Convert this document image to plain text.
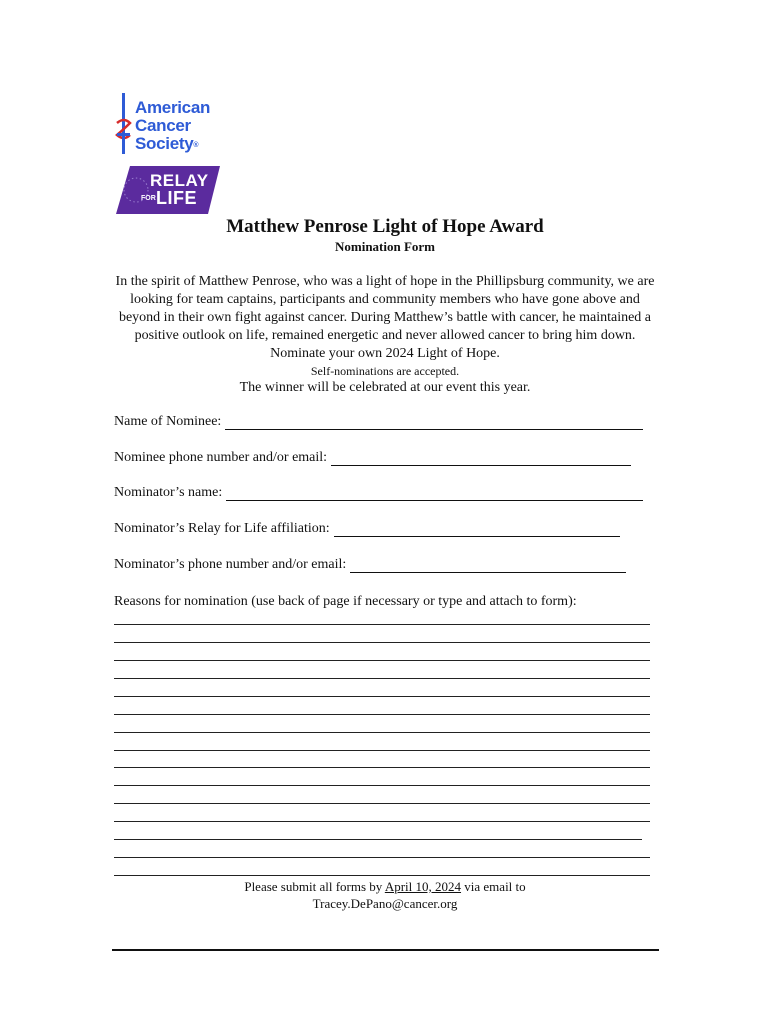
American
Cancer
Society®
RELAY
FOR LIFE
Matthew Penrose Light of Hope Award
Nomination Form
In the spirit of Matthew Penrose, who was a light of hope in the Phillipsburg community, we are looking for team captains, participants and community members who have gone above and beyond in their own fight against cancer. During Matthew’s battle with cancer, he maintained a positive outlook on life, remained energetic and never allowed cancer to bring him down. Nominate your own 2024 Light of Hope.
Self-nominations are accepted.
The winner will be celebrated at our event this year.
Name of Nominee:
Nominee phone number and/or email:
Nominator’s name:
Nominator’s Relay for Life affiliation:
Nominator’s phone number and/or email:
Reasons for nomination (use back of page if necessary or type and attach to form):
Please submit all forms by April 10, 2024 via email to
Tracey.DePano@cancer.org
